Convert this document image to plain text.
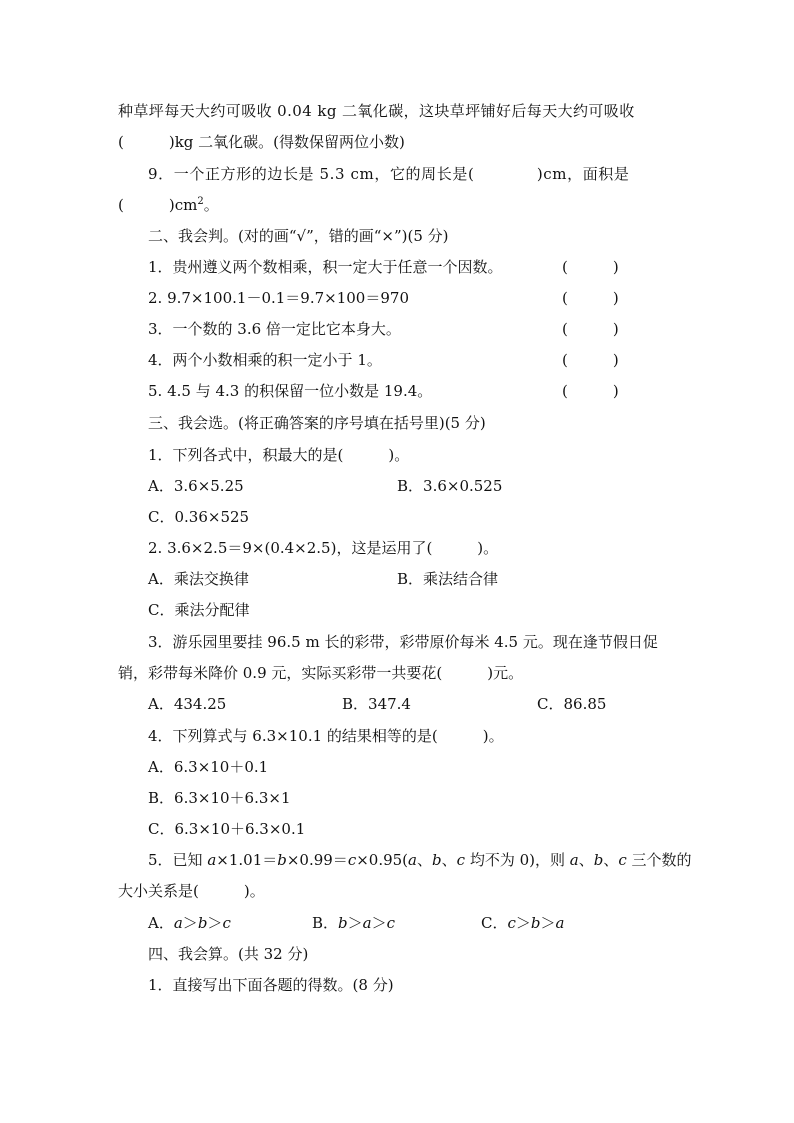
种草坪每天大约可吸收 0.04 kg 二氧化碳，这块草坪铺好后每天大约可吸收
(　　　)kg 二氧化碳。(得数保留两位小数)
9．一个正方形的边长是 5.3 cm，它的周长是(　　　　)cm，面积是
(　　　)$cm^2$。
二、我会判。(对的画“√”，错的画“×”)(5 分)
1．贵州遵义两个数相乘，积一定大于任意一个因数。	(　　　)
2. 9.7×100.1－0.1＝9.7×100＝970	(　　　)
3．一个数的 3.6 倍一定比它本身大。	(　　　)
4．两个小数相乘的积一定小于 1。	(　　　)
5. 4.5 与 4.3 的积保留一位小数是 19.4。	(　　　)
三、我会选。(将正确答案的序号填在括号里)(5 分)
1．下列各式中，积最大的是(　　　)。
A．3.6×5.25	B．3.6×0.525
C．0.36×525
2. 3.6×2.5＝9×(0.4×2.5)，这是运用了(　　　)。
A．乘法交换律	B．乘法结合律
C．乘法分配律
3．游乐园里要挂 96.5 m 长的彩带，彩带原价每米 4.5 元。现在逢节假日促
销，彩带每米降价 0.9 元，实际买彩带一共要花(　　　)元。
A．434.25	B．347.4	C．86.85
4．下列算式与 6.3×10.1 的结果相等的是(　　　)。
A．6.3×10＋0.1
B．6.3×10＋6.3×1
C．6.3×10＋6.3×0.1
5．已知 a×1.01＝b×0.99＝c×0.95(a、b、c 均不为 0)，则 a、b、c 三个数的
大小关系是(　　　)。
A．a＞b＞c	B．b＞a＞c	C．c＞b＞a
四、我会算。(共 32 分)
1．直接写出下面各题的得数。(8 分)
